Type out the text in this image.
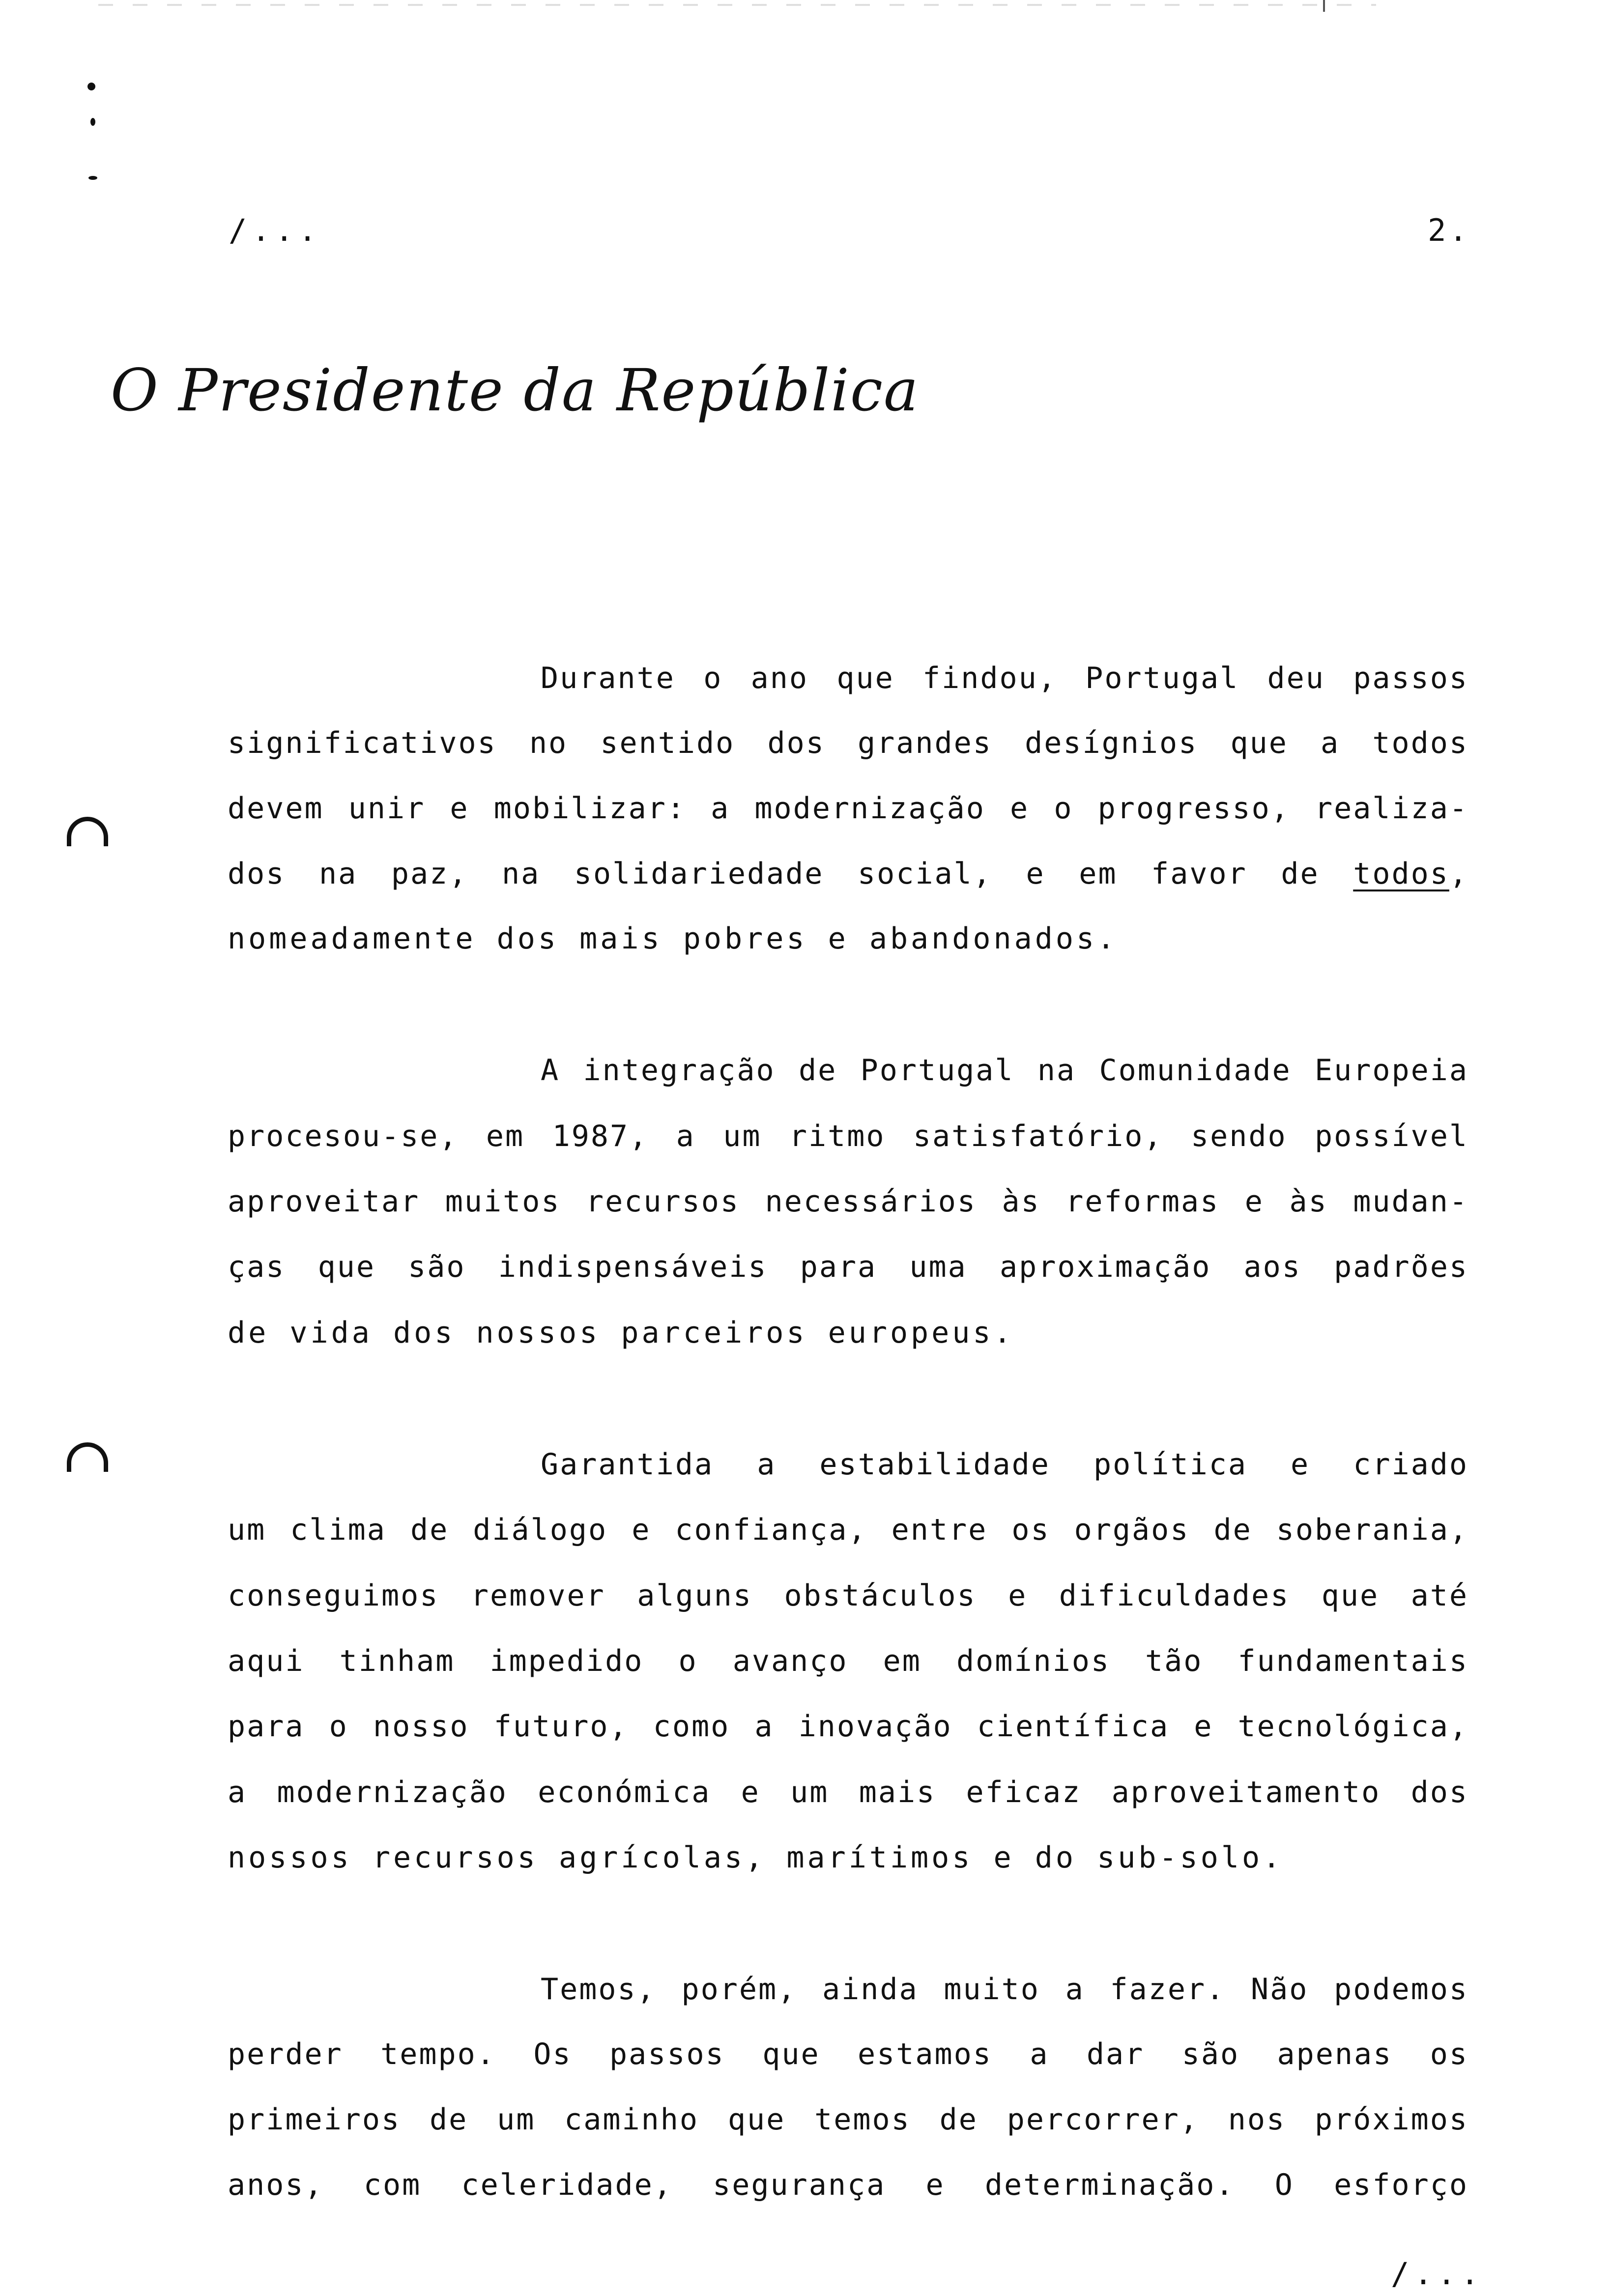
/...	2.
O Presidente da República
Durante o ano que findou, Portugal deu passos
significativos no sentido dos grandes desígnios que a todos
devem unir e mobilizar: a modernização e o progresso, realiza-
dos na paz, na solidariedade social, e em favor de todos,
nomeadamente dos mais pobres e abandonados.
A integração de Portugal na Comunidade Europeia
procesou-se, em 1987, a um ritmo satisfatório, sendo possível
aproveitar muitos recursos necessários às reformas e às mudan-
ças que são indispensáveis para uma aproximação aos padrões
de vida dos nossos parceiros europeus.
Garantida a estabilidade política e criado
um clima de diálogo e confiança, entre os orgãos de soberania,
conseguimos remover alguns obstáculos e dificuldades que até
aqui tinham impedido o avanço em domínios tão fundamentais
para o nosso futuro, como a inovação científica e tecnológica,
a modernização económica e um mais eficaz aproveitamento dos
nossos recursos agrícolas, marítimos e do sub-solo.
Temos, porém, ainda muito a fazer. Não podemos
perder tempo. Os passos que estamos a dar são apenas os
primeiros de um caminho que temos de percorrer, nos próximos
anos, com celeridade, segurança e determinação. O esforço
/...
